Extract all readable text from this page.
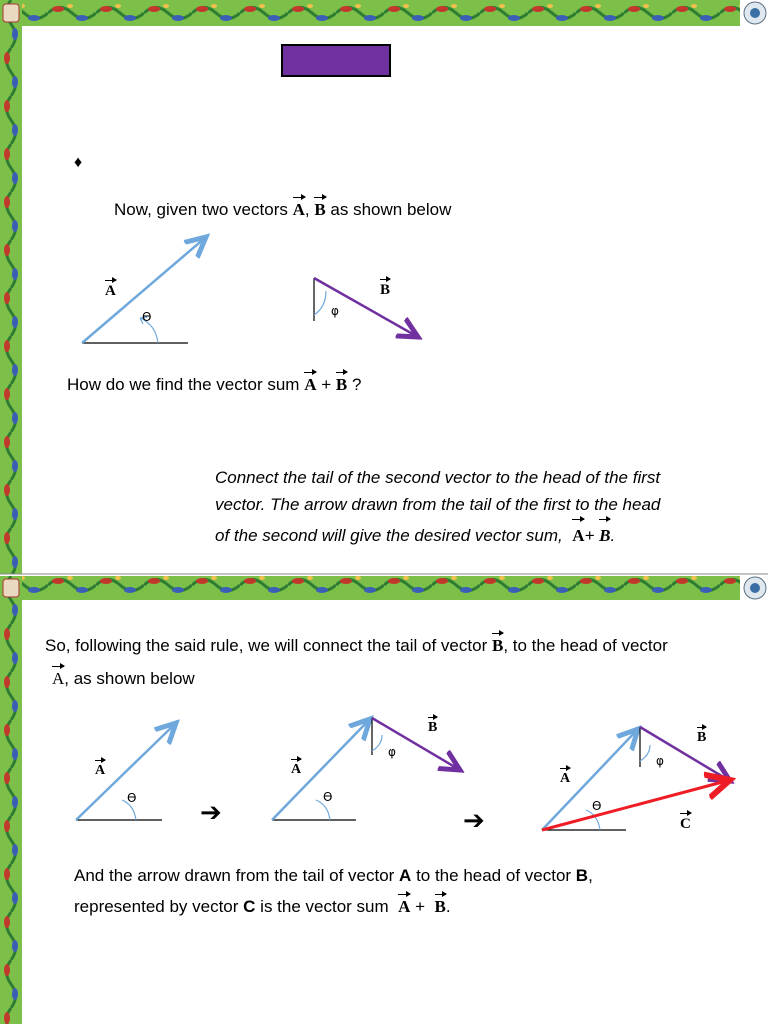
♦
Now, given two vectors A, B as shown below
A	B
ϴ	φ
How do we find the vector sum A + B ?
Connect the tail of the second vector to the head of the first
vector. The arrow drawn from the tail of the first to the head
of the second will give the desired vector sum, A+ B.
So, following the said rule, we will connect the tail of vector B, to the head of vector
A, as shown below
A
ϴ ➔
A
ϴ
B
φ
➔
A
ϴ
B
φ
C
And the arrow drawn from the tail of vector A to the head of vector B,
represented by vector C is the vector sum A + B.
